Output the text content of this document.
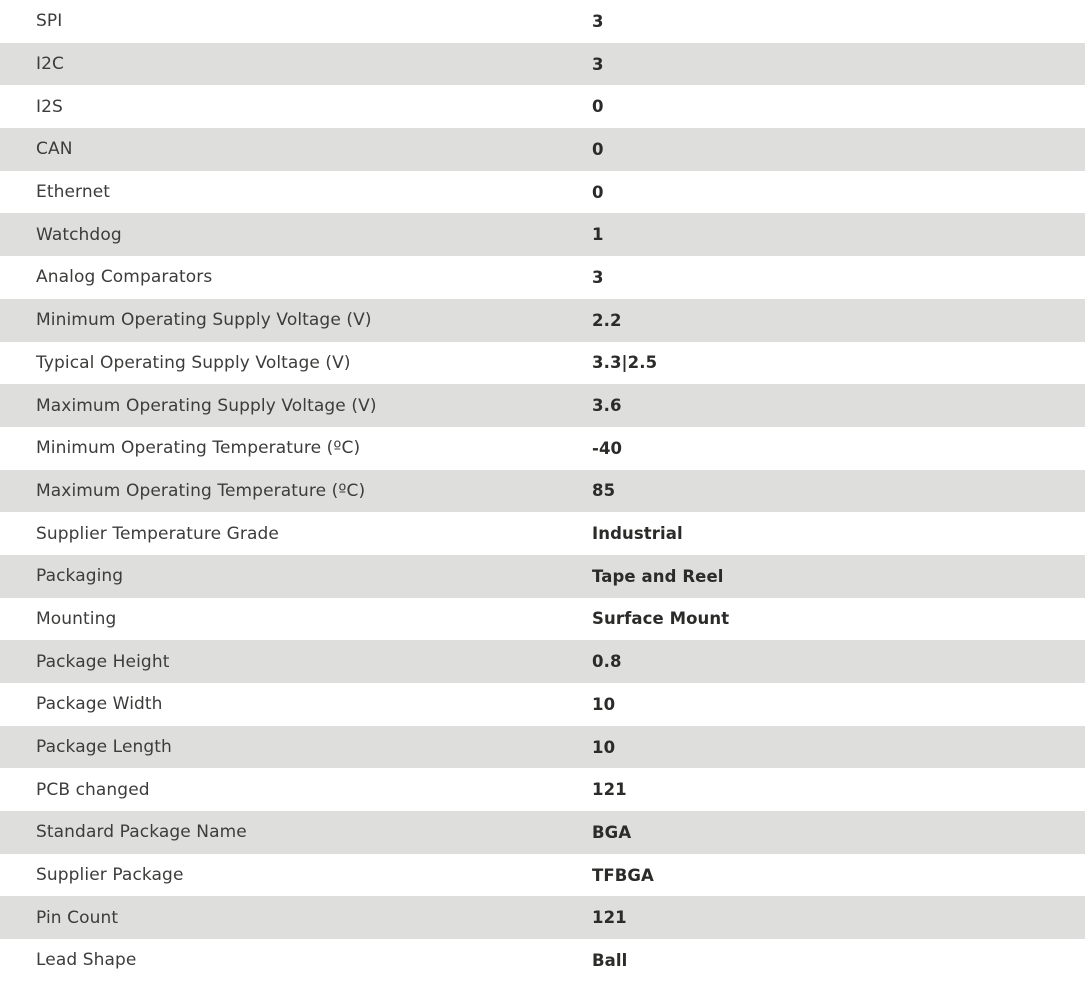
SPI	3
I2C	3
I2S	0
CAN	0
Ethernet	0
Watchdog	1
Analog Comparators	3
Minimum Operating Supply Voltage (V)	2.2
Typical Operating Supply Voltage (V)	3.3|2.5
Maximum Operating Supply Voltage (V)	3.6
Minimum Operating Temperature (ºC)	-40
Maximum Operating Temperature (ºC)	85
Supplier Temperature Grade	Industrial
Packaging	Tape and Reel
Mounting	Surface Mount
Package Height	0.8
Package Width	10
Package Length	10
PCB changed	121
Standard Package Name	BGA
Supplier Package	TFBGA
Pin Count	121
Lead Shape	Ball
